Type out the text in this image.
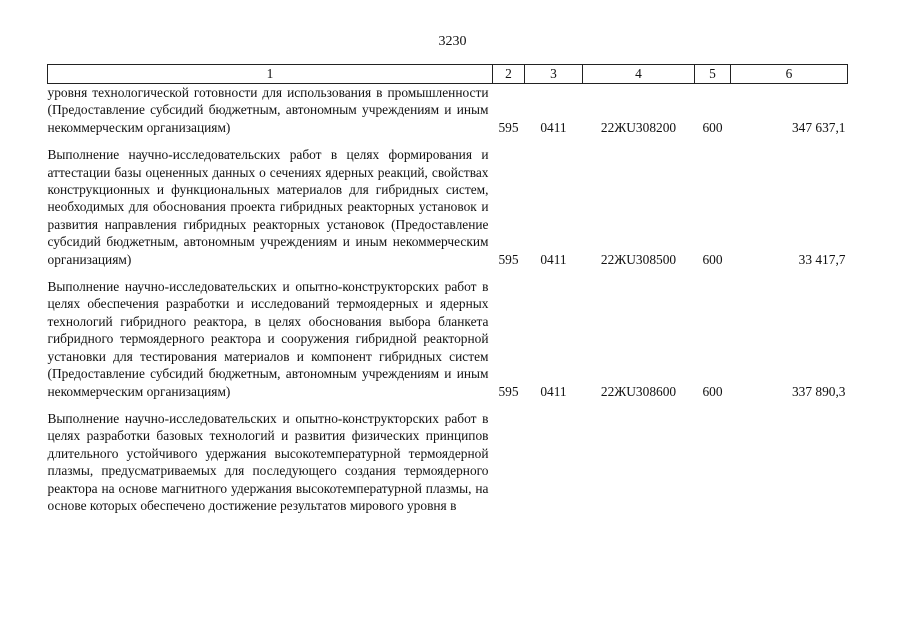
3230
1	2	3	4	5	6
уровня технологической готовности для использования в промышленности (Предоставление субсидий бюджетным, автономным учреждениям и иным некоммерческим организациям)	595	0411	22ЖU308200	600	347 637,1
Выполнение научно-исследовательских работ в целях формирования и аттестации базы оцененных данных о сечениях ядерных реакций, свойствах конструкционных и функциональных материалов для гибридных систем, необходимых для обоснования проекта гибридных реакторных установок и развития направления гибридных реакторных установок (Предоставление субсидий бюджетным, автономным учреждениям и иным некоммерческим организациям)	595	0411	22ЖU308500	600	33 417,7
Выполнение научно-исследовательских и опытно-конструкторских работ в целях обеспечения разработки и исследований термоядерных и ядерных технологий гибридного реактора, в целях обоснования выбора бланкета гибридного термоядерного реактора и сооружения гибридной реакторной установки для тестирования материалов и компонент гибридных систем (Предоставление субсидий бюджетным, автономным учреждениям и иным некоммерческим организациям)	595	0411	22ЖU308600	600	337 890,3
Выполнение научно-исследовательских и опытно-конструкторских работ в целях разработки базовых технологий и развития физических принципов длительного устойчивого удержания высокотемпературной термоядерной плазмы, предусматриваемых для последующего создания термоядерного реактора на основе магнитного удержания высокотемпературной плазмы, на основе которых обеспечено достижение результатов мирового уровня в					
